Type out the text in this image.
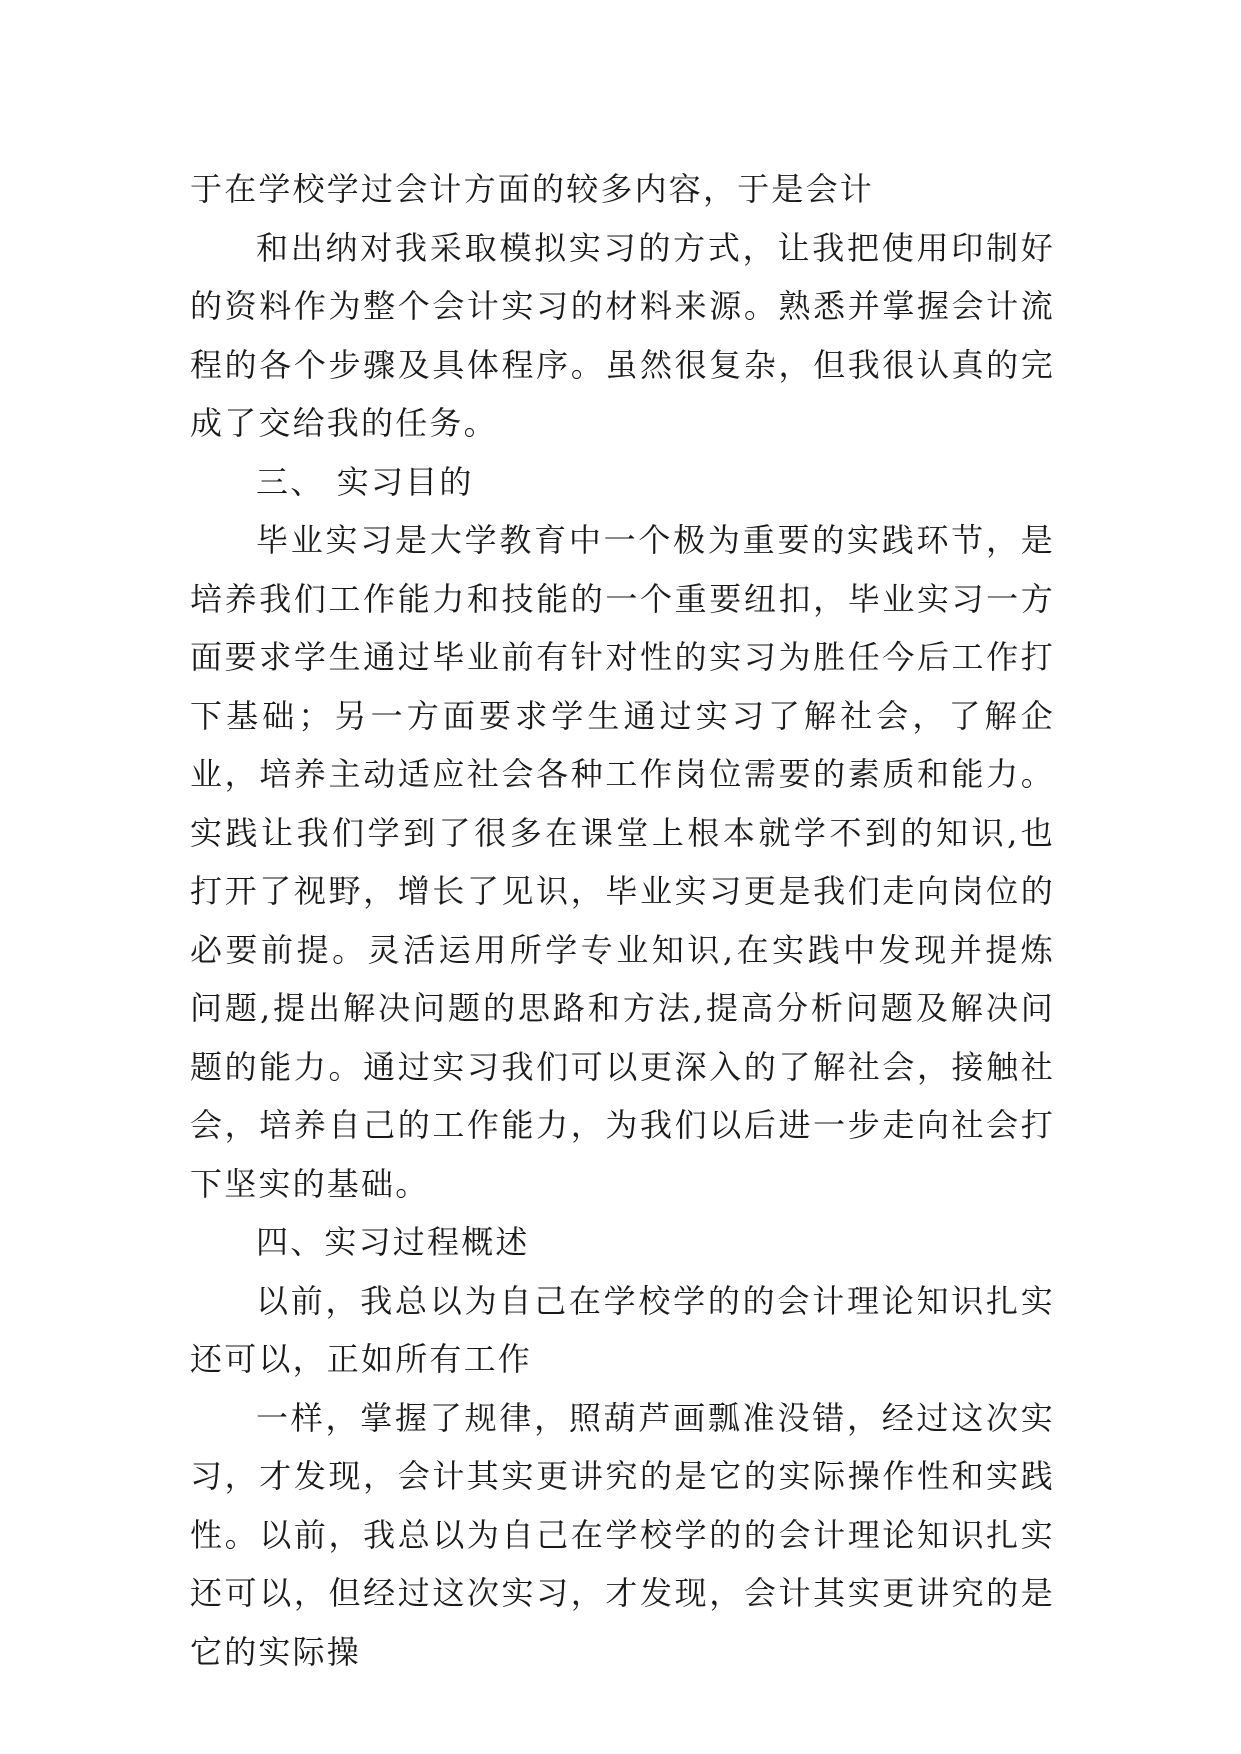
于在学校学过会计方面的较多内容，于是会计

和出纳对我采取模拟实习的方式，让我把使用印制好的资料作为整个会计实习的材料来源。熟悉并掌握会计流程的各个步骤及具体程序。虽然很复杂，但我很认真的完成了交给我的任务。

三、 实习目的

毕业实习是大学教育中一个极为重要的实践环节，是培养我们工作能力和技能的一个重要纽扣，毕业实习一方面要求学生通过毕业前有针对性的实习为胜任今后工作打下基础；另一方面要求学生通过实习了解社会，了解企业，培养主动适应社会各种工作岗位需要的素质和能力。实践让我们学到了很多在课堂上根本就学不到的知识,也打开了视野，增长了见识，毕业实习更是我们走向岗位的必要前提。灵活运用所学专业知识,在实践中发现并提炼问题,提出解决问题的思路和方法,提高分析问题及解决问题的能力。通过实习我们可以更深入的了解社会，接触社会，培养自己的工作能力，为我们以后进一步走向社会打下坚实的基础。

四、实习过程概述

以前，我总以为自己在学校学的的会计理论知识扎实还可以，正如所有工作

一样，掌握了规律，照葫芦画瓢准没错，经过这次实习，才发现，会计其实更讲究的是它的实际操作性和实践性。以前，我总以为自己在学校学的的会计理论知识扎实还可以，但经过这次实习，才发现，会计其实更讲究的是它的实际操
